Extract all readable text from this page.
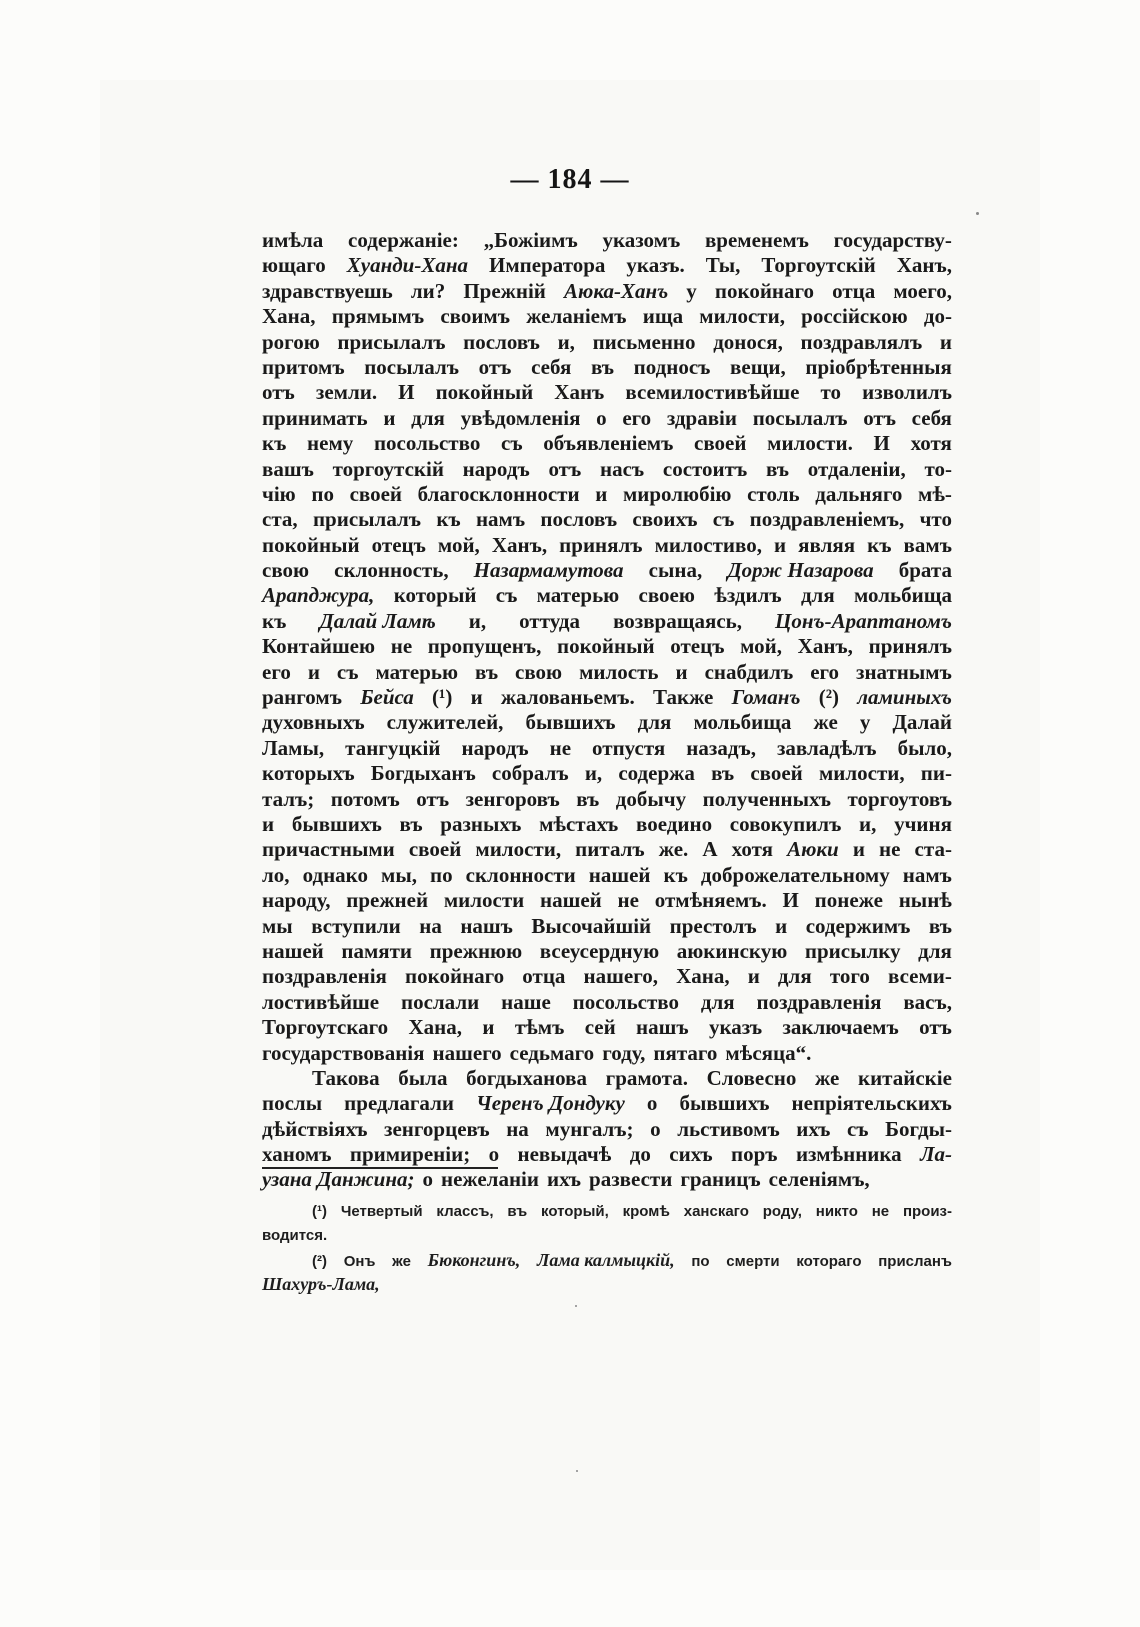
— 184 —
имѣла содержанiе: „Божiимъ указомъ временемъ государству-
ющаго Хуанди-Хана Императора указъ. Ты, Торгоутскiй Ханъ,
здравствуешь ли? Прежнiй Аюка-Ханъ у покойнаго отца моего,
Хана, прямымъ своимъ желанiемъ ища милости, россiйскою до-
рогою присылалъ пословъ и, письменно донося, поздравлялъ и
притомъ посылалъ отъ себя въ подносъ вещи, прiобрѣтенныя
отъ земли. И покойный Ханъ всемилостивѣйше то изволилъ
принимать и для увѣдомленiя о его здравiи посылалъ отъ себя
къ нему посольство съ объявленiемъ своей милости. И хотя
вашъ торгоутскiй народъ отъ насъ состоитъ въ отдаленiи, то-
чiю по своей благосклонности и миролюбiю столь дальняго мѣ-
ста, присылалъ къ намъ пословъ своихъ съ поздравленiемъ, что
покойный отецъ мой, Ханъ, принялъ милостиво, и являя къ вамъ
свою склонность, Назармамутова сына, Дорж Назарова брата
Арапджура, который съ матерью своею ѣздилъ для мольбища
къ Далай Ламѣ и, оттуда возвращаясь, Цонъ-Араптаномъ
Контайшею не пропущенъ, покойный отецъ мой, Ханъ, принялъ
его и съ матерью въ свою милость и снабдилъ его знатнымъ
рангомъ Бейса (¹) и жалованьемъ. Также Гоманъ (²) ламиныхъ
духовныхъ служителей, бывшихъ для мольбища же у Далай
Ламы, тангуцкiй народъ не отпустя назадъ, завладѣлъ было,
которыхъ Богдыханъ собралъ и, содержа въ своей милости, пи-
талъ; потомъ отъ зенгоровъ въ добычу полученныхъ торгоутовъ
и бывшихъ въ разныхъ мѣстахъ воедино совокупилъ и, учиня
причастными своей милости, питалъ же. А хотя Аюки и не ста-
ло, однако мы, по склонности нашей къ доброжелательному намъ
народу, прежней милости нашей не отмѣняемъ. И понеже нынѣ
мы вступили на нашъ Высочайшiй престолъ и содержимъ въ
нашей памяти прежнюю всеусердную аюкинскую присылку для
поздравленiя покойнаго отца нашего, Хана, и для того всеми-
лостивѣйше послали наше посольство для поздравленiя васъ,
Торгоутскаго Хана, и тѣмъ сей нашъ указъ заключаемъ отъ
государствованiя нашего седьмаго году, пятаго мѣсяца“.
Такова была богдыханова грамота. Словесно же китайскiе
послы предлагали Черенъ Дондуку о бывшихъ непрiятельскихъ
дѣйствiяхъ зенгорцевъ на мунгалъ; о льстивомъ ихъ съ Богды-
ханомъ примиренiи; о невыдачѣ до сихъ поръ измѣнника Ла-
узана Данжина; о нежеланiи ихъ развести границъ селенiямъ,
(¹) Четвертый классъ, въ который, кромѣ ханскаго роду, никто не произ-
водится.
(²) Онъ же Бюконгинъ, Лама калмыцкiй, по смерти котораго присланъ
Шахуръ-Лама,
